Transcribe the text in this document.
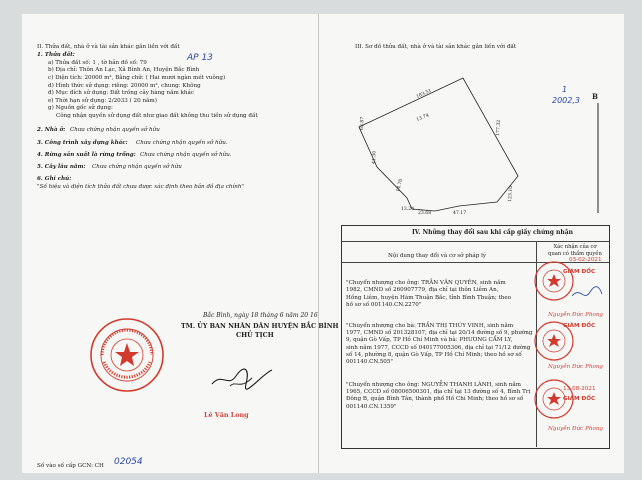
II. Thửa đất, nhà ở và tài sản khác gắn liền với đất
1. Thửa đất:
a) Thửa đất số: 1 , tờ bản đồ số: 79	AP 13
b) Địa chỉ: Thôn An Lạc, Xã Bình An, Huyện Bắc Bình
c) Diện tích: 20000 m², Bằng chữ: ( Hai mươi ngàn mét vuông)
d) Hình thức sử dụng: riêng: 20000 m², chung: Không
đ) Mục đích sử dụng: Đất trồng cây hàng năm khác
e) Thời hạn sử dụng: 2/2033 ( 20 năm)
g) Nguồn gốc sử dụng:
Công nhận quyền sử dụng đất như giao đất không thu tiền sử dụng đất
2. Nhà ở: Chưa chứng nhận quyền sở hữu
3. Công trình xây dựng khác: Chưa chứng nhận quyền sở hữu.
4. Rừng sản xuất là rừng trồng: Chưa chứng nhận quyền sở hữu.
5. Cây lâu năm: Chưa chứng nhận quyền sở hữu
6. Ghi chú:
"Số hiệu và diện tích thửa đất chưa được xác định theo bản đồ địa chính"
Bắc Bình, ngày 18 tháng 6 năm 20 16
TM. ỦY BAN NHÂN DÂN HUYỆN BẮC BÌNH
CHỦ TỊCH
Lê Văn Long
Số vào số cấp GCN: CH 02054
III. Sơ đồ thửa đất, nhà ở và tài sản khác gắn liền với đất
1
2002,3 B
177.32
183.51
63.87
41.30
14.70
23.68
13.24
47.17
123.10
13.74
IV. Những thay đổi sau khi cấp giấy chứng nhận
Nội dung thay đổi và cơ sở pháp lý
Xác nhận của cơ quan có thẩm quyền
"Chuyển nhượng cho ông: TRẦN VĂN QUYÊN, sinh năm
1982, CMND số 260907779, địa chỉ tại thôn Liêm An,
Hồng Liêm, huyện Hàm Thuận Bắc, tỉnh Bình Thuận; theo
hồ sơ số 001140.CN.2270"
"Chuyển nhượng cho bà: TRẦN THỊ THÚY VINH, sinh năm
1977, CMND số 201328107, địa chỉ tại 20/14 đường số 9, phường
9, quận Gò Vấp, TP Hồ Chí Minh và bà: PHƯƠNG CẨM LY,
sinh năm 1977, CCCD số 040177005306, địa chỉ tại 71/12 đường
số 14, phường 8, quận Gò Vấp, TP Hồ Chí Minh; theo hồ sơ số
001140.CN.505"
"Chuyển nhượng cho ông: NGUYỄN THANH LÀNH, sinh năm
1965, CCCD số 08006500301, địa chỉ tại 13 đường số 4, Bình Trị
Đông B, quận Bình Tân, thành phố Hồ Chí Minh; theo hồ sơ số
001140.CN.1359"
GIÁM ĐỐC
03-02-2021
Nguyễn Đức Phong
GIÁM ĐỐC
Nguyễn Đức Phong
13-08-2021
GIÁM ĐỐC
Nguyễn Đức Phong
